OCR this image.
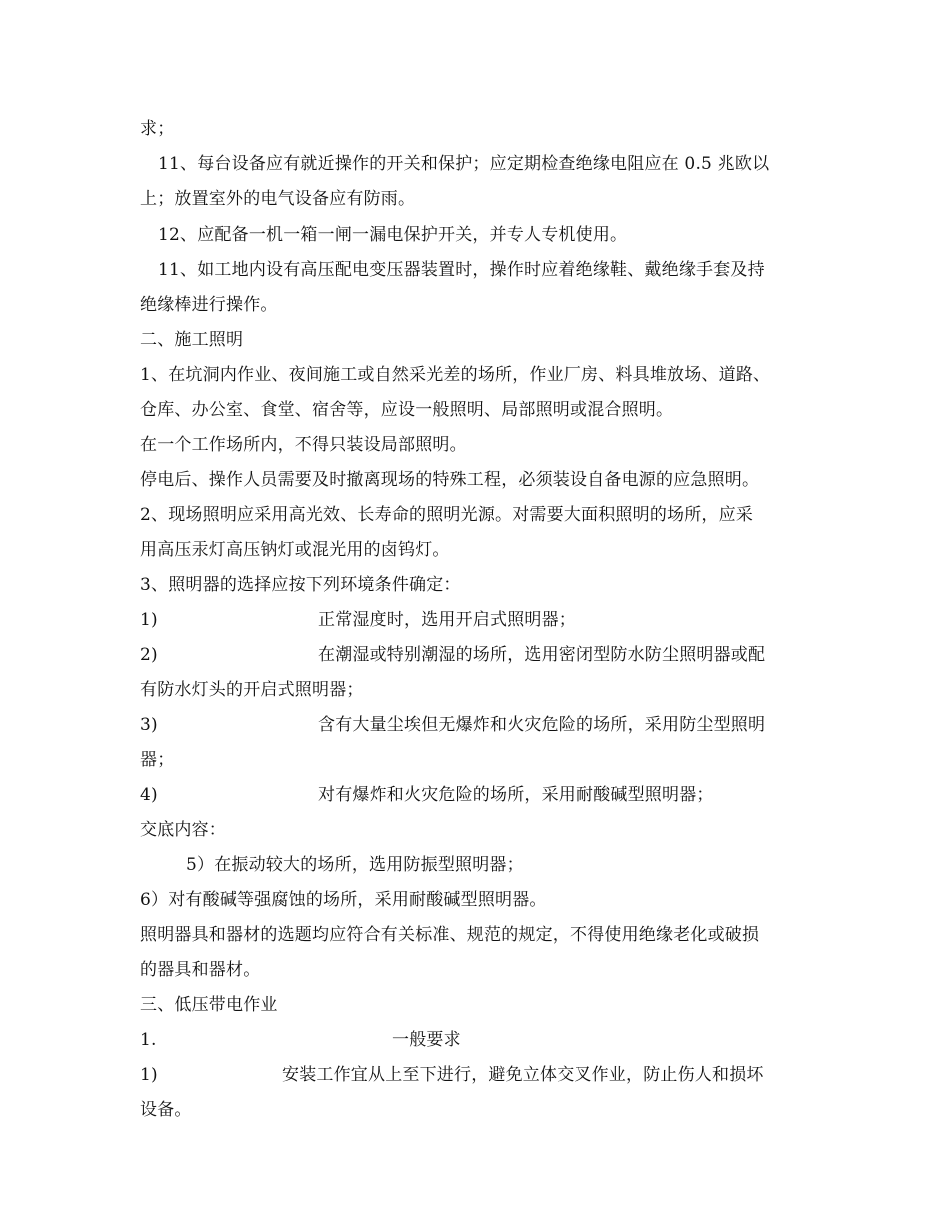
求；
11、每台设备应有就近操作的开关和保护；应定期检查绝缘电阻应在 0.5 兆欧以
上；放置室外的电气设备应有防雨。
12、应配备一机一箱一闸一漏电保护开关，并专人专机使用。
11、如工地内设有高压配电变压器装置时，操作时应着绝缘鞋、戴绝缘手套及持
绝缘棒进行操作。
二、施工照明
1、在坑洞内作业、夜间施工或自然采光差的场所，作业厂房、料具堆放场、道路、
仓库、办公室、食堂、宿舍等，应设一般照明、局部照明或混合照明。
在一个工作场所内，不得只装设局部照明。
停电后、操作人员需要及时撤离现场的特殊工程，必须装设自备电源的应急照明。
2、现场照明应采用高光效、长寿命的照明光源。对需要大面积照明的场所，应采
用高压汞灯高压钠灯或混光用的卤钨灯。
3、照明器的选择应按下列环境条件确定：
1)	正常湿度时，选用开启式照明器；
2)	在潮湿或特别潮湿的场所，选用密闭型防水防尘照明器或配
有防水灯头的开启式照明器；
3)	含有大量尘埃但无爆炸和火灾危险的场所，采用防尘型照明
器；
4)	对有爆炸和火灾危险的场所，采用耐酸碱型照明器；
交底内容：
5）在振动较大的场所，选用防振型照明器；
6）对有酸碱等强腐蚀的场所，采用耐酸碱型照明器。
照明器具和器材的选题均应符合有关标准、规范的规定，不得使用绝缘老化或破损
的器具和器材。
三、低压带电作业
1.	一般要求
1)	安装工作宜从上至下进行，避免立体交叉作业，防止伤人和损坏
设备。
